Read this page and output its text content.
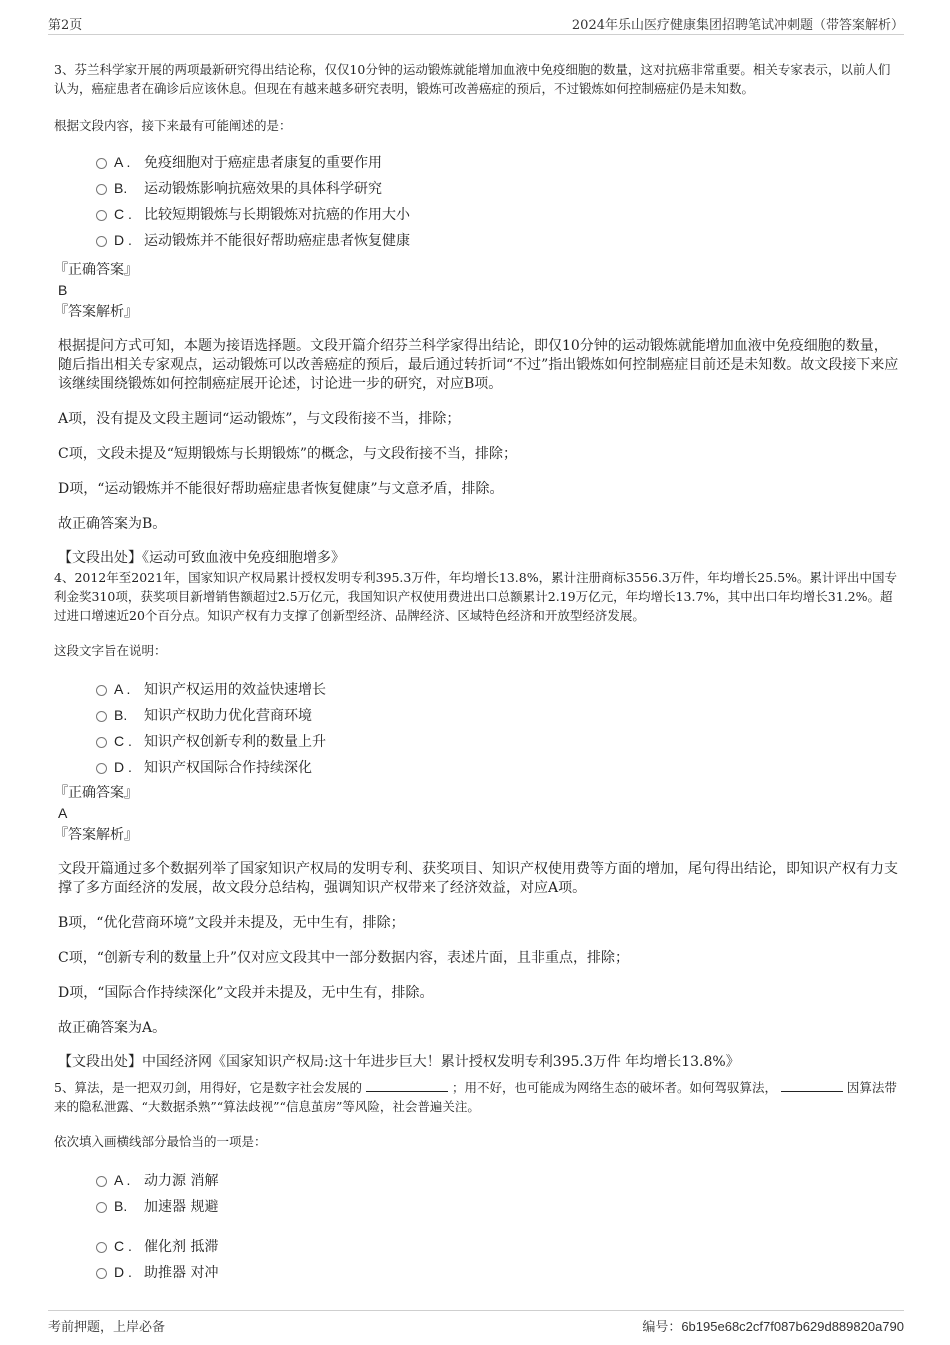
第2页	2024年乐山医疗健康集团招聘笔试冲刺题（带答案解析）

3、芬兰科学家开展的两项最新研究得出结论称，仅仅10分钟的运动锻炼就能增加血液中免疫细胞的数量，这对抗癌非常重要。相关专家表示，以前人们认为，癌症患者在确诊后应该休息。但现在有越来越多研究表明，锻炼可改善癌症的预后，不过锻炼如何控制癌症仍是未知数。

根据文段内容，接下来最有可能阐述的是：

A . 免疫细胞对于癌症患者康复的重要作用
B. 运动锻炼影响抗癌效果的具体科学研究
C . 比较短期锻炼与长期锻炼对抗癌的作用大小
D . 运动锻炼并不能很好帮助癌症患者恢复健康

『正确答案』

B

『答案解析』

根据提问方式可知，本题为接语选择题。文段开篇介绍芬兰科学家得出结论，即仅10分钟的运动锻炼就能增加血液中免疫细胞的数量，随后指出相关专家观点，运动锻炼可以改善癌症的预后，最后通过转折词“不过”指出锻炼如何控制癌症目前还是未知数。故文段接下来应该继续围绕锻炼如何控制癌症展开论述，讨论进一步的研究，对应B项。

A项，没有提及文段主题词“运动锻炼”，与文段衔接不当，排除；

C项，文段未提及“短期锻炼与长期锻炼”的概念，与文段衔接不当，排除；

D项，“运动锻炼并不能很好帮助癌症患者恢复健康”与文意矛盾，排除。

故正确答案为B。

【文段出处】《运动可致血液中免疫细胞增多》

4、2012年至2021年，国家知识产权局累计授权发明专利395.3万件，年均增长13.8%，累计注册商标3556.3万件，年均增长25.5%。累计评出中国专利金奖310项，获奖项目新增销售额超过2.5万亿元，我国知识产权使用费进出口总额累计2.19万亿元，年均增长13.7%，其中出口年均增长31.2%。超过进口增速近20个百分点。知识产权有力支撑了创新型经济、品牌经济、区域特色经济和开放型经济发展。

这段文字旨在说明：

A . 知识产权运用的效益快速增长
B. 知识产权助力优化营商环境
C . 知识产权创新专利的数量上升
D . 知识产权国际合作持续深化

『正确答案』

A

『答案解析』

文段开篇通过多个数据列举了国家知识产权局的发明专利、获奖项目、知识产权使用费等方面的增加，尾句得出结论，即知识产权有力支撑了多方面经济的发展，故文段分总结构，强调知识产权带来了经济效益，对应A项。

B项，“优化营商环境”文段并未提及，无中生有，排除；

C项，“创新专利的数量上升”仅对应文段其中一部分数据内容，表述片面，且非重点，排除；

D项，“国际合作持续深化”文段并未提及，无中生有，排除。

故正确答案为A。

【文段出处】中国经济网《国家知识产权局:这十年进步巨大！累计授权发明专利395.3万件 年均增长13.8%》

5、算法，是一把双刃剑，用得好，它是数字社会发展的	；用不好，也可能成为网络生态的破坏者。如何驾驭算法，	因算法带来的隐私泄露、“大数据杀熟”“算法歧视”“信息茧房”等风险，社会普遍关注。

依次填入画横线部分最恰当的一项是：

A . 动力源 消解
B. 加速器 规避
C . 催化剂 抵滞
D . 助推器 对冲
考前押题，上岸必备	编号：6b195e68c2cf7f087b629d889820a790
